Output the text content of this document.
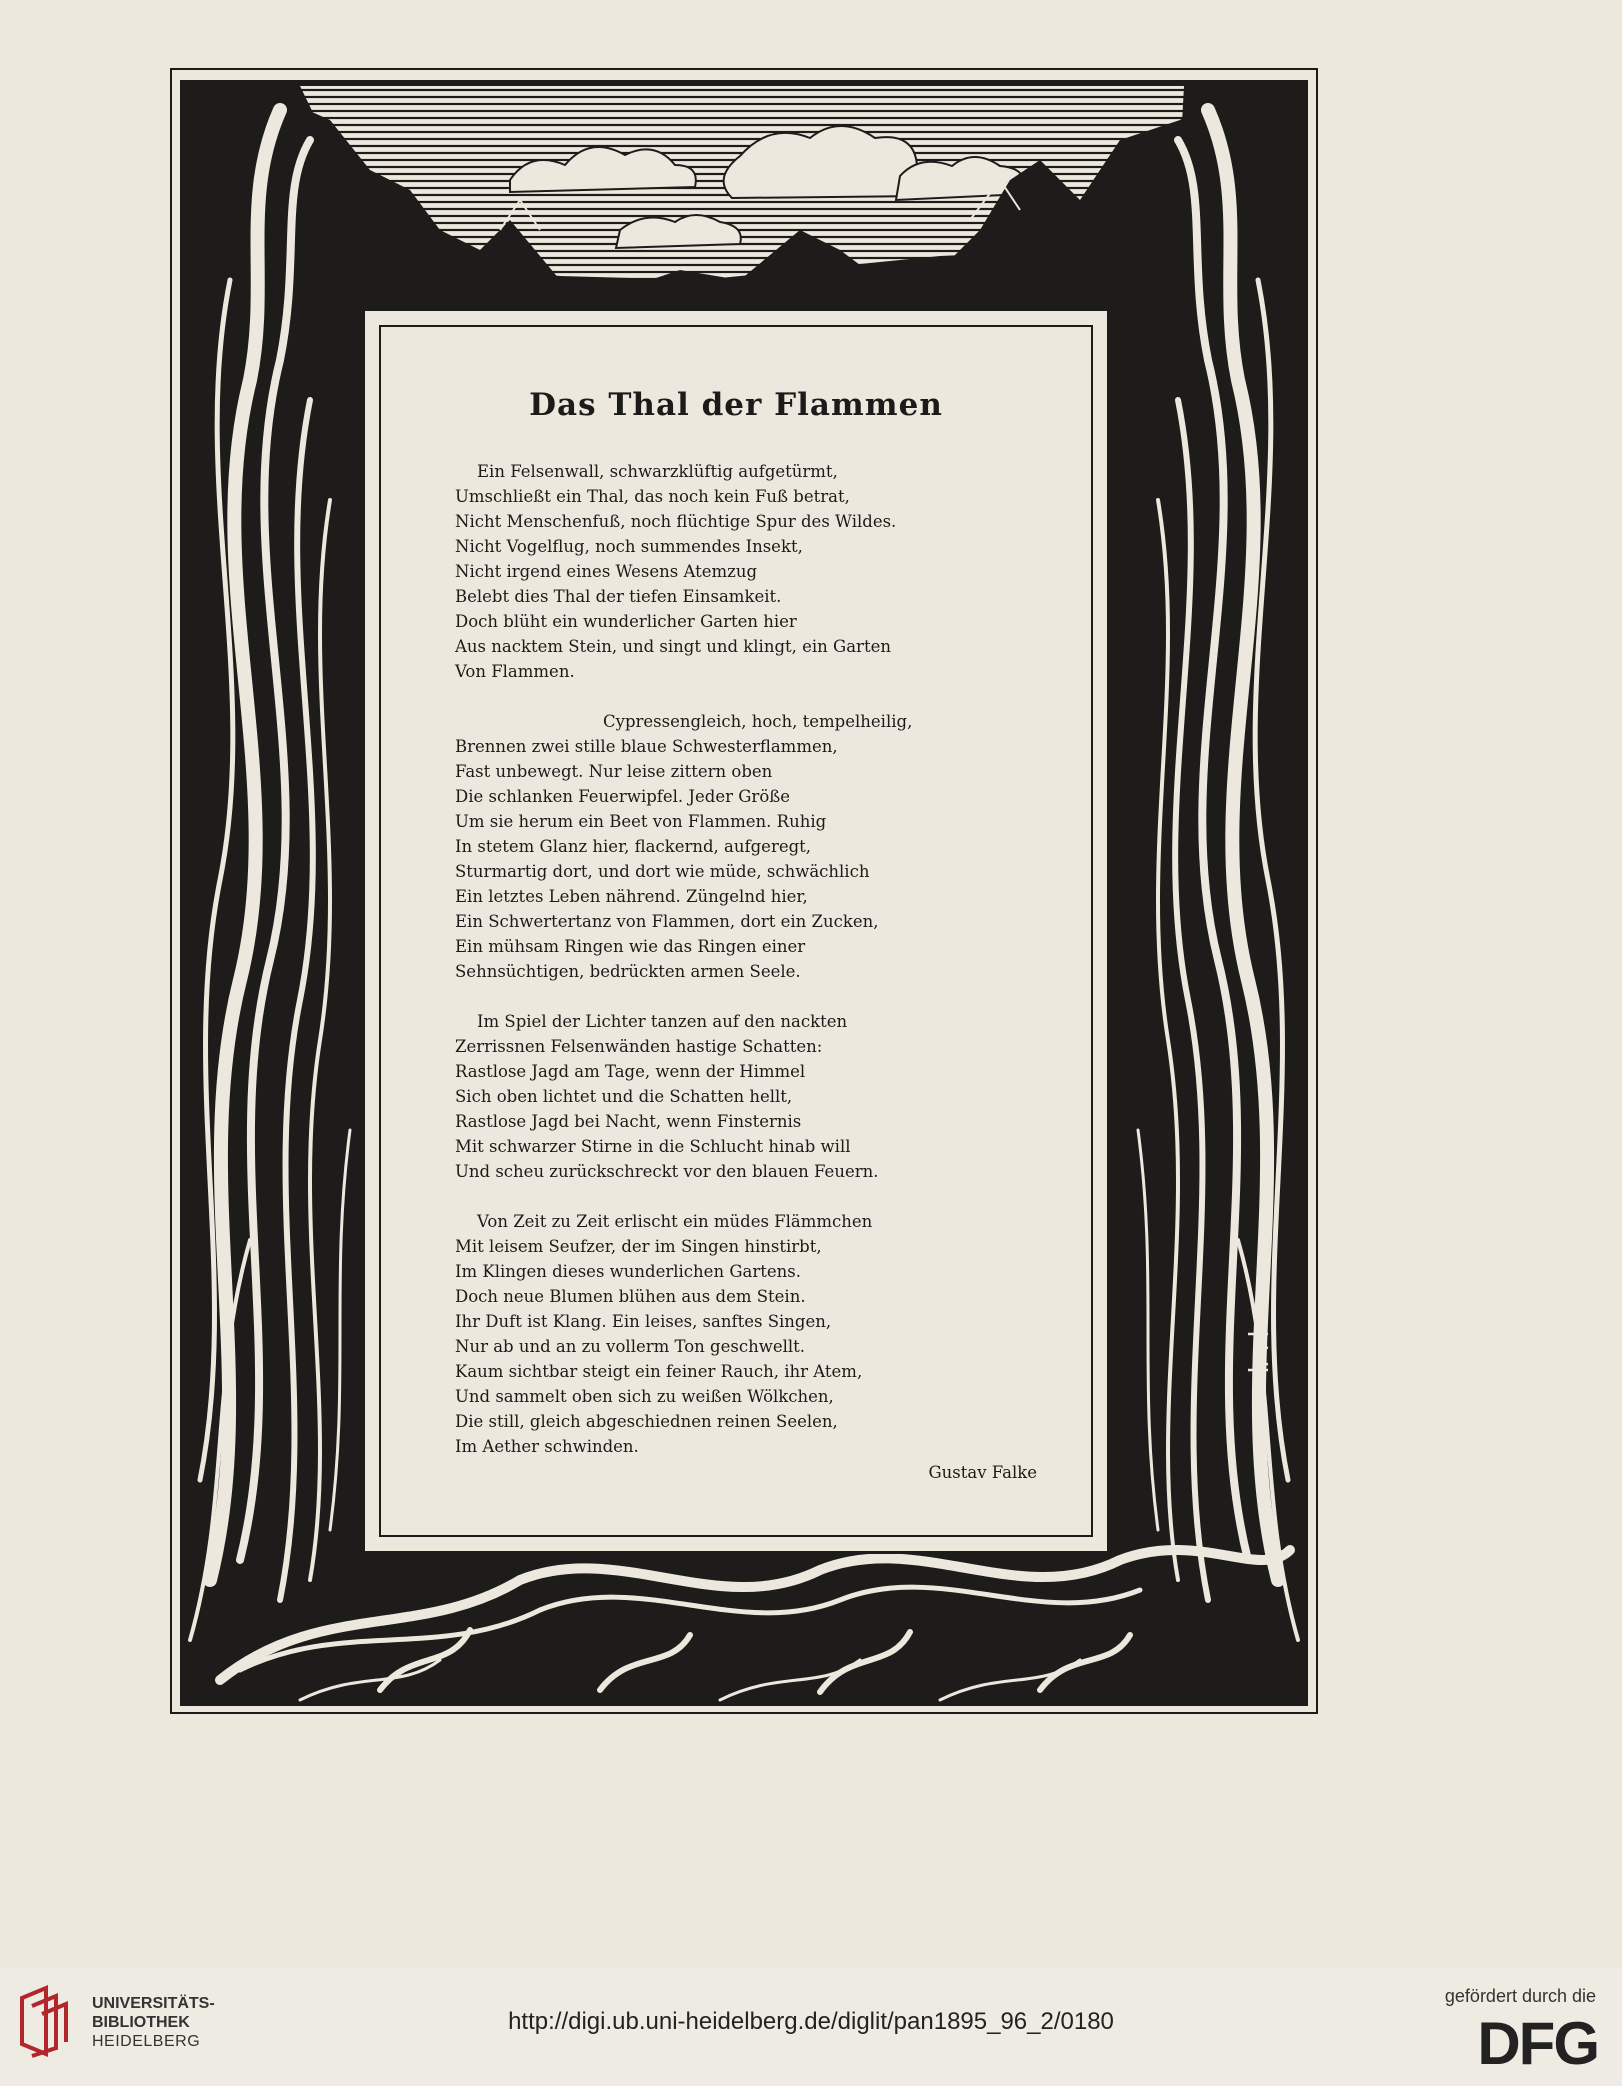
Das Thal der Flammen
Ein Felsenwall, schwarzklüftig aufgetürmt,
Umschließt ein Thal, das noch kein Fuß betrat,
Nicht Menschenfuß, noch flüchtige Spur des Wildes.
Nicht Vogelflug, noch summendes Insekt,
Nicht irgend eines Wesens Atemzug
Belebt dies Thal der tiefen Einsamkeit.
Doch blüht ein wunderlicher Garten hier
Aus nacktem Stein, und singt und klingt, ein Garten
Von Flammen.
Cypressengleich, hoch, tempelheilig,
Brennen zwei stille blaue Schwesterflammen,
Fast unbewegt. Nur leise zittern oben
Die schlanken Feuerwipfel. Jeder Größe
Um sie herum ein Beet von Flammen. Ruhig
In stetem Glanz hier, flackernd, aufgeregt,
Sturmartig dort, und dort wie müde, schwächlich
Ein letztes Leben nährend. Züngelnd hier,
Ein Schwertertanz von Flammen, dort ein Zucken,
Ein mühsam Ringen wie das Ringen einer
Sehnsüchtigen, bedrückten armen Seele.
Im Spiel der Lichter tanzen auf den nackten
Zerrissnen Felsenwänden hastige Schatten:
Rastlose Jagd am Tage, wenn der Himmel
Sich oben lichtet und die Schatten hellt,
Rastlose Jagd bei Nacht, wenn Finsternis
Mit schwarzer Stirne in die Schlucht hinab will
Und scheu zurückschreckt vor den blauen Feuern.
Von Zeit zu Zeit erlischt ein müdes Flämmchen
Mit leisem Seufzer, der im Singen hinstirbt,
Im Klingen dieses wunderlichen Gartens.
Doch neue Blumen blühen aus dem Stein.
Ihr Duft ist Klang. Ein leises, sanftes Singen,
Nur ab und an zu vollerm Ton geschwellt.
Kaum sichtbar steigt ein feiner Rauch, ihr Atem,
Und sammelt oben sich zu weißen Wölkchen,
Die still, gleich abgeschiednen reinen Seelen,
Im Aether schwinden.
Gustav Falke
UNIVERSITÄTS-
BIBLIOTHEK
HEIDELBERG
http://digi.ub.uni-heidelberg.de/diglit/pan1895_96_2/0180
gefördert durch die
DFG
